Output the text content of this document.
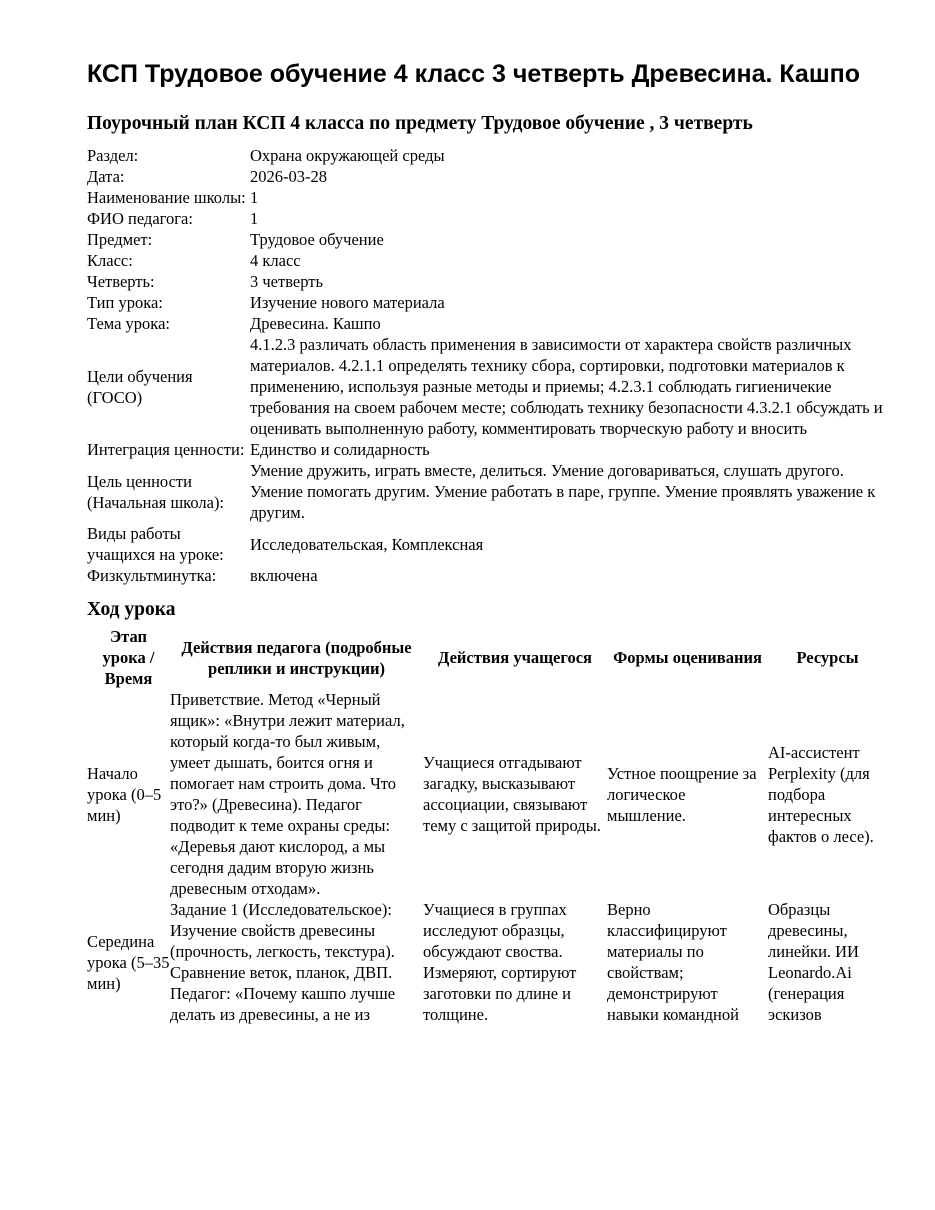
КСП Трудовое обучение 4 класс 3 четверть Древесина. Кашпо
Поурочный план КСП 4 класса по предмету Трудовое обучение , 3 четверть
Раздел:	Охрана окружающей среды
Дата:	2026-03-28
Наименование школы:	1
ФИО педагога:	1
Предмет:	Трудовое обучение
Класс:	4 класс
Четверть:	3 четверть
Тип урока:	Изучение нового материала
Тема урока:	Древесина. Кашпо
Цели обучения (ГОСО)	4.1.2.3 различать область применения в зависимости от характера свойств различных материалов. 4.2.1.1 определять технику сбора, сортировки, подготовки материалов к применению, используя разные методы и приемы; 4.2.3.1 соблюдать гигиеничекие требования на своем рабочем месте; соблюдать технику безопасности 4.3.2.1 обсуждать и оценивать выполненную работу, комментировать творческую работу и вносить
Интеграция ценности:	Единство и солидарность
Цель ценности (Начальная школа):	Умение дружить, играть вместе, делиться. Умение договариваться, слушать другого. Умение помогать другим. Умение работать в паре, группе. Умение проявлять уважение к другим.
Виды работы учащихся на уроке:	Исследовательская, Комплексная
Физкультминутка:	включена
Ход урока
Этап урока / Время	Действия педагога (подробные реплики и инструкции)	Действия учащегося	Формы оценивания	Ресурсы
Начало урока (0–5 мин)	Приветствие. Метод «Черный ящик»: «Внутри лежит материал, который когда-то был живым, умеет дышать, боится огня и помогает нам строить дома. Что это?» (Древесина). Педагог подводит к теме охраны среды: «Деревья дают кислород, а мы сегодня дадим вторую жизнь древесным отходам».	Учащиеся отгадывают загадку, высказывают ассоциации, связывают тему с защитой природы.	Устное поощрение за логическое мышление.	AI-ассистент Perplexity (для подбора интересных фактов о лесе).
Середина урока (5–35 мин)	Задание 1 (Исследовательское): Изучение свойств древесины (прочность, легкость, текстура). Сравнение веток, планок, ДВП. Педагог: «Почему кашпо лучше делать из древесины, а не из	Учащиеся в группах исследуют образцы, обсуждают своства. Измеряют, сортируют заготовки по длине и толщине.	Верно классифицируют материалы по свойствам; демонстрируют навыки командной	Образцы древесины, линейки. ИИ Leonardo.Ai (генерация эскизов
